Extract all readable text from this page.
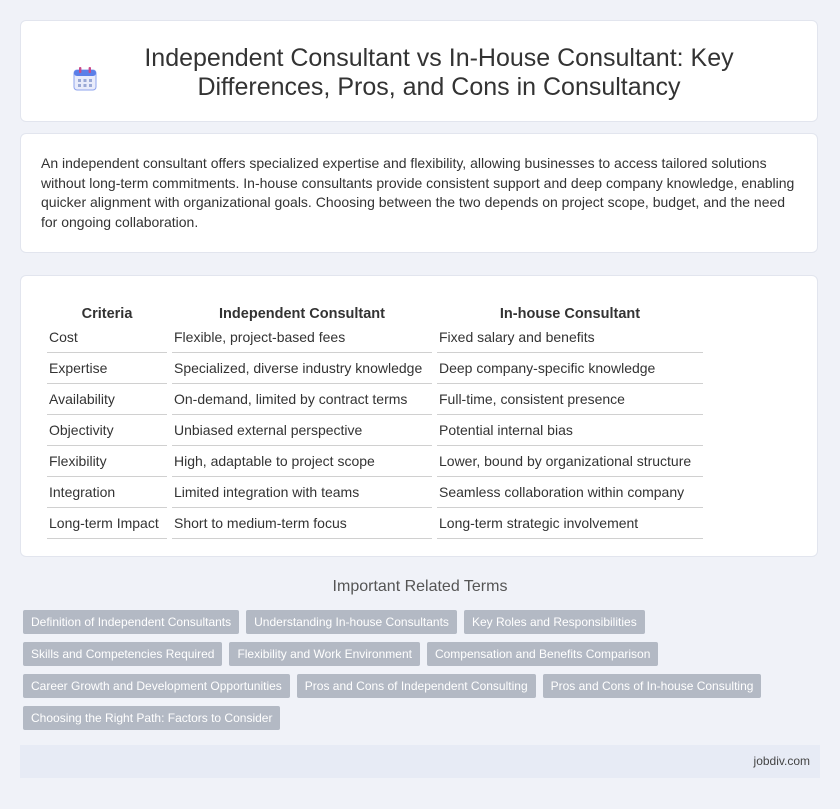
Independent Consultant vs In-House Consultant: Key Differences, Pros, and Cons in Consultancy

An independent consultant offers specialized expertise and flexibility, allowing businesses to access tailored solutions without long-term commitments. In-house consultants provide consistent support and deep company knowledge, enabling quicker alignment with organizational goals. Choosing between the two depends on project scope, budget, and the need for ongoing collaboration.

Criteria	Independent Consultant	In-house Consultant
Cost	Flexible, project-based fees	Fixed salary and benefits
Expertise	Specialized, diverse industry knowledge	Deep company-specific knowledge
Availability	On-demand, limited by contract terms	Full-time, consistent presence
Objectivity	Unbiased external perspective	Potential internal bias
Flexibility	High, adaptable to project scope	Lower, bound by organizational structure
Integration	Limited integration with teams	Seamless collaboration within company
Long-term Impact	Short to medium-term focus	Long-term strategic involvement
Important Related Terms
Definition of Independent Consultants	Understanding In-house Consultants	Key Roles and Responsibilities
Skills and Competencies Required	Flexibility and Work Environment	Compensation and Benefits Comparison
Career Growth and Development Opportunities	Pros and Cons of Independent Consulting	Pros and Cons of In-house Consulting
Choosing the Right Path: Factors to Consider
jobdiv.com
